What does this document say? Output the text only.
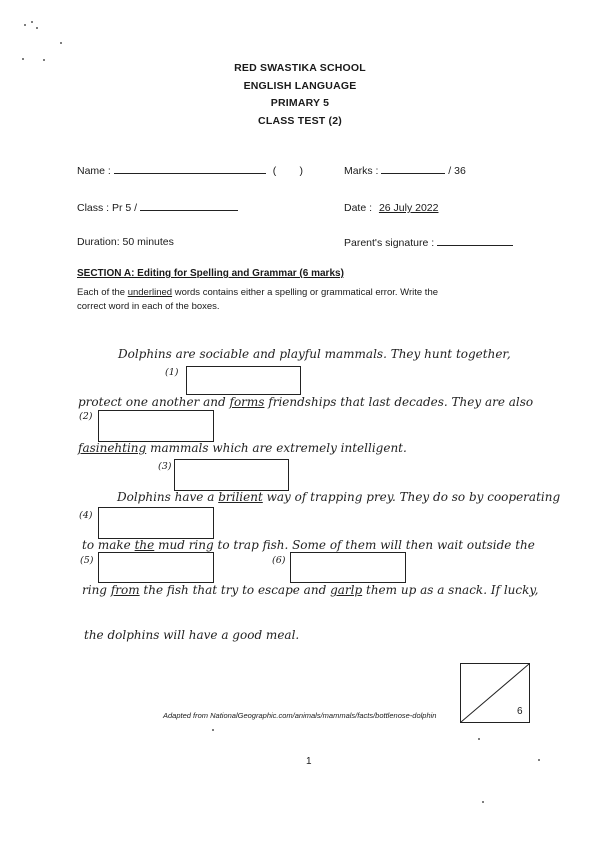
RED SWASTIKA SCHOOL
ENGLISH LANGUAGE
PRIMARY 5
CLASS TEST (2)
Name :	(        )	Marks :	/ 36
Class : Pr 5 /	Date : 26 July 2022
Duration: 50 minutes	Parent's signature :
SECTION A: Editing for Spelling and Grammar (6 marks)
Each of the underlined words contains either a spelling or grammatical error. Write the
correct word in each of the boxes.
Dolphins are sociable and playful mammals. They hunt together,
(1)
protect one another and forms friendships that last decades. They are also
(2)
fasinehting mammals which are extremely intelligent.
(3)
Dolphins have a brilient way of trapping prey. They do so by cooperating
(4)
to make the mud ring to trap fish. Some of them will then wait outside the
(5)	(6)
ring from the fish that try to escape and garlp them up as a snack. If lucky,
the dolphins will have a good meal.
6
Adapted from NationalGeographic.com/animals/mammals/facts/bottlenose-dolphin
1
